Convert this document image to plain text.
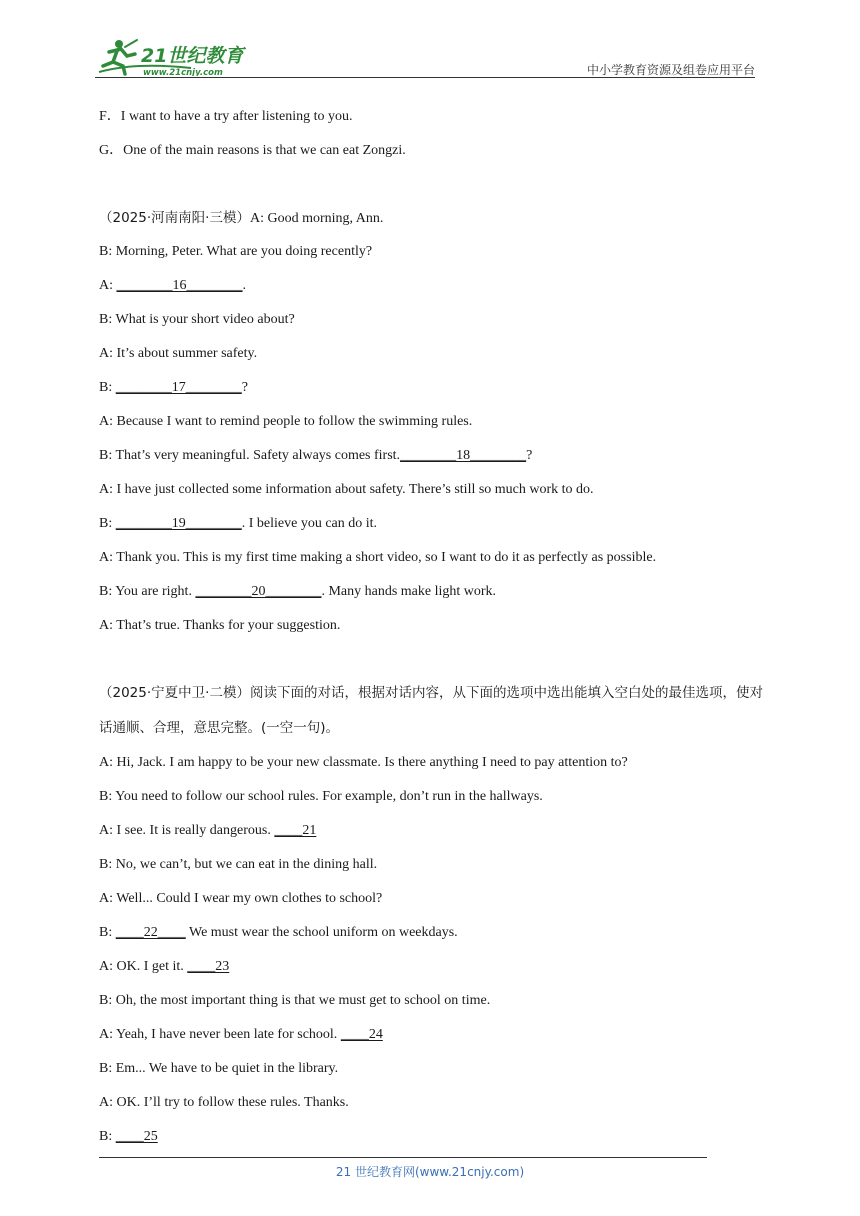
21世纪教育
www.21cnjy.com	中小学教育资源及组卷应用平台
F．I want to have a try after listening to you.
G．One of the main reasons is that we can eat Zongzi.
（2025·河南南阳·三模）A: Good morning, Ann.
B: Morning, Peter. What are you doing recently?
A: ________16________.
B: What is your short video about?
A: It’s about summer safety.
B: ________17________?
A: Because I want to remind people to follow the swimming rules.
B: That’s very meaningful. Safety always comes first.________18________?
A: I have just collected some information about safety. There’s still so much work to do.
B: ________19________. I believe you can do it.
A: Thank you. This is my first time making a short video, so I want to do it as perfectly as possible.
B: You are right. ________20________. Many hands make light work.
A: That’s true. Thanks for your suggestion.
（2025·宁夏中卫·二模）阅读下面的对话，根据对话内容，从下面的选项中选出能填入空白处的最佳选项，使对话通顺、合理，意思完整。(一空一句)。
A: Hi, Jack. I am happy to be your new classmate. Is there anything I need to pay attention to?
B: You need to follow our school rules. For example, don’t run in the hallways.
A: I see. It is really dangerous. ____21
B: No, we can’t, but we can eat in the dining hall.
A: Well... Could I wear my own clothes to school?
B: ____22____ We must wear the school uniform on weekdays.
A: OK. I get it. ____23
B: Oh, the most important thing is that we must get to school on time.
A: Yeah, I have never been late for school. ____24
B: Em... We have to be quiet in the library.
A: OK. I’ll try to follow these rules. Thanks.
B: ____25
21 世纪教育网(www.21cnjy.com)
